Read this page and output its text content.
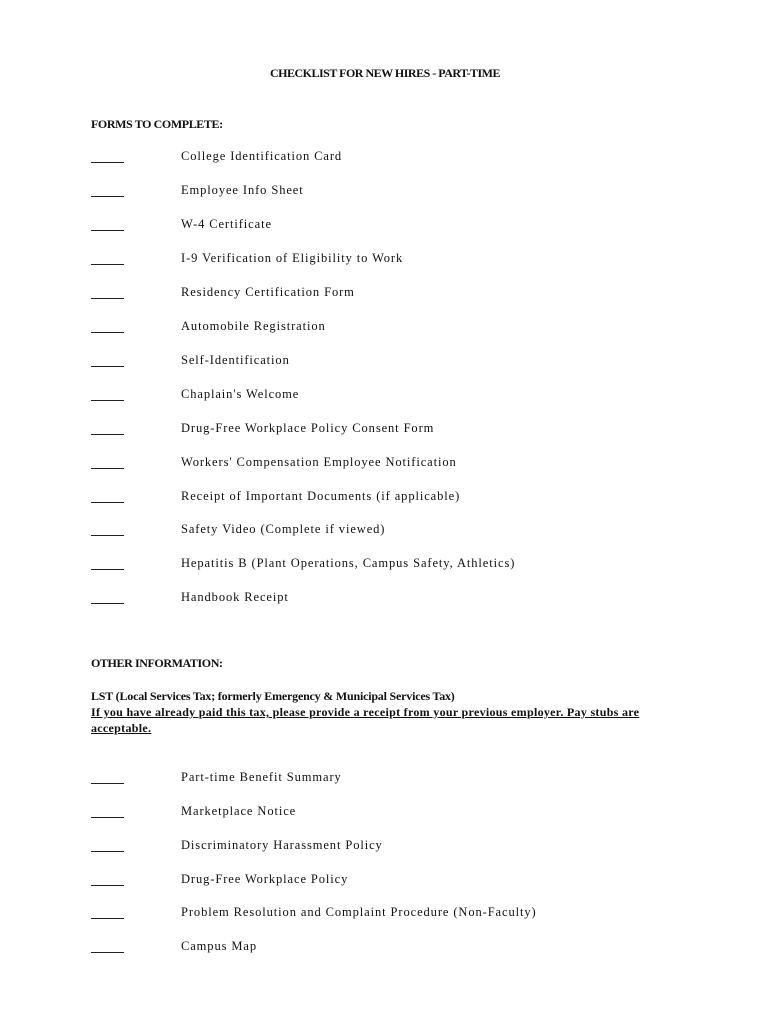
CHECKLIST FOR NEW HIRES - PART-TIME
FORMS TO COMPLETE:
College Identification Card
Employee Info Sheet
W-4 Certificate
I-9 Verification of Eligibility to Work
Residency Certification Form
Automobile Registration
Self-Identification
Chaplain's Welcome
Drug-Free Workplace Policy Consent Form
Workers' Compensation Employee Notification
Receipt of Important Documents (if applicable)
Safety Video (Complete if viewed)
Hepatitis B (Plant Operations, Campus Safety, Athletics)
Handbook Receipt
OTHER INFORMATION:
LST (Local Services Tax; formerly Emergency & Municipal Services Tax)
If you have already paid this tax, please provide a receipt from your previous employer. Pay stubs are acceptable.
Part-time Benefit Summary
Marketplace Notice
Discriminatory Harassment Policy
Drug-Free Workplace Policy
Problem Resolution and Complaint Procedure (Non-Faculty)
Campus Map
